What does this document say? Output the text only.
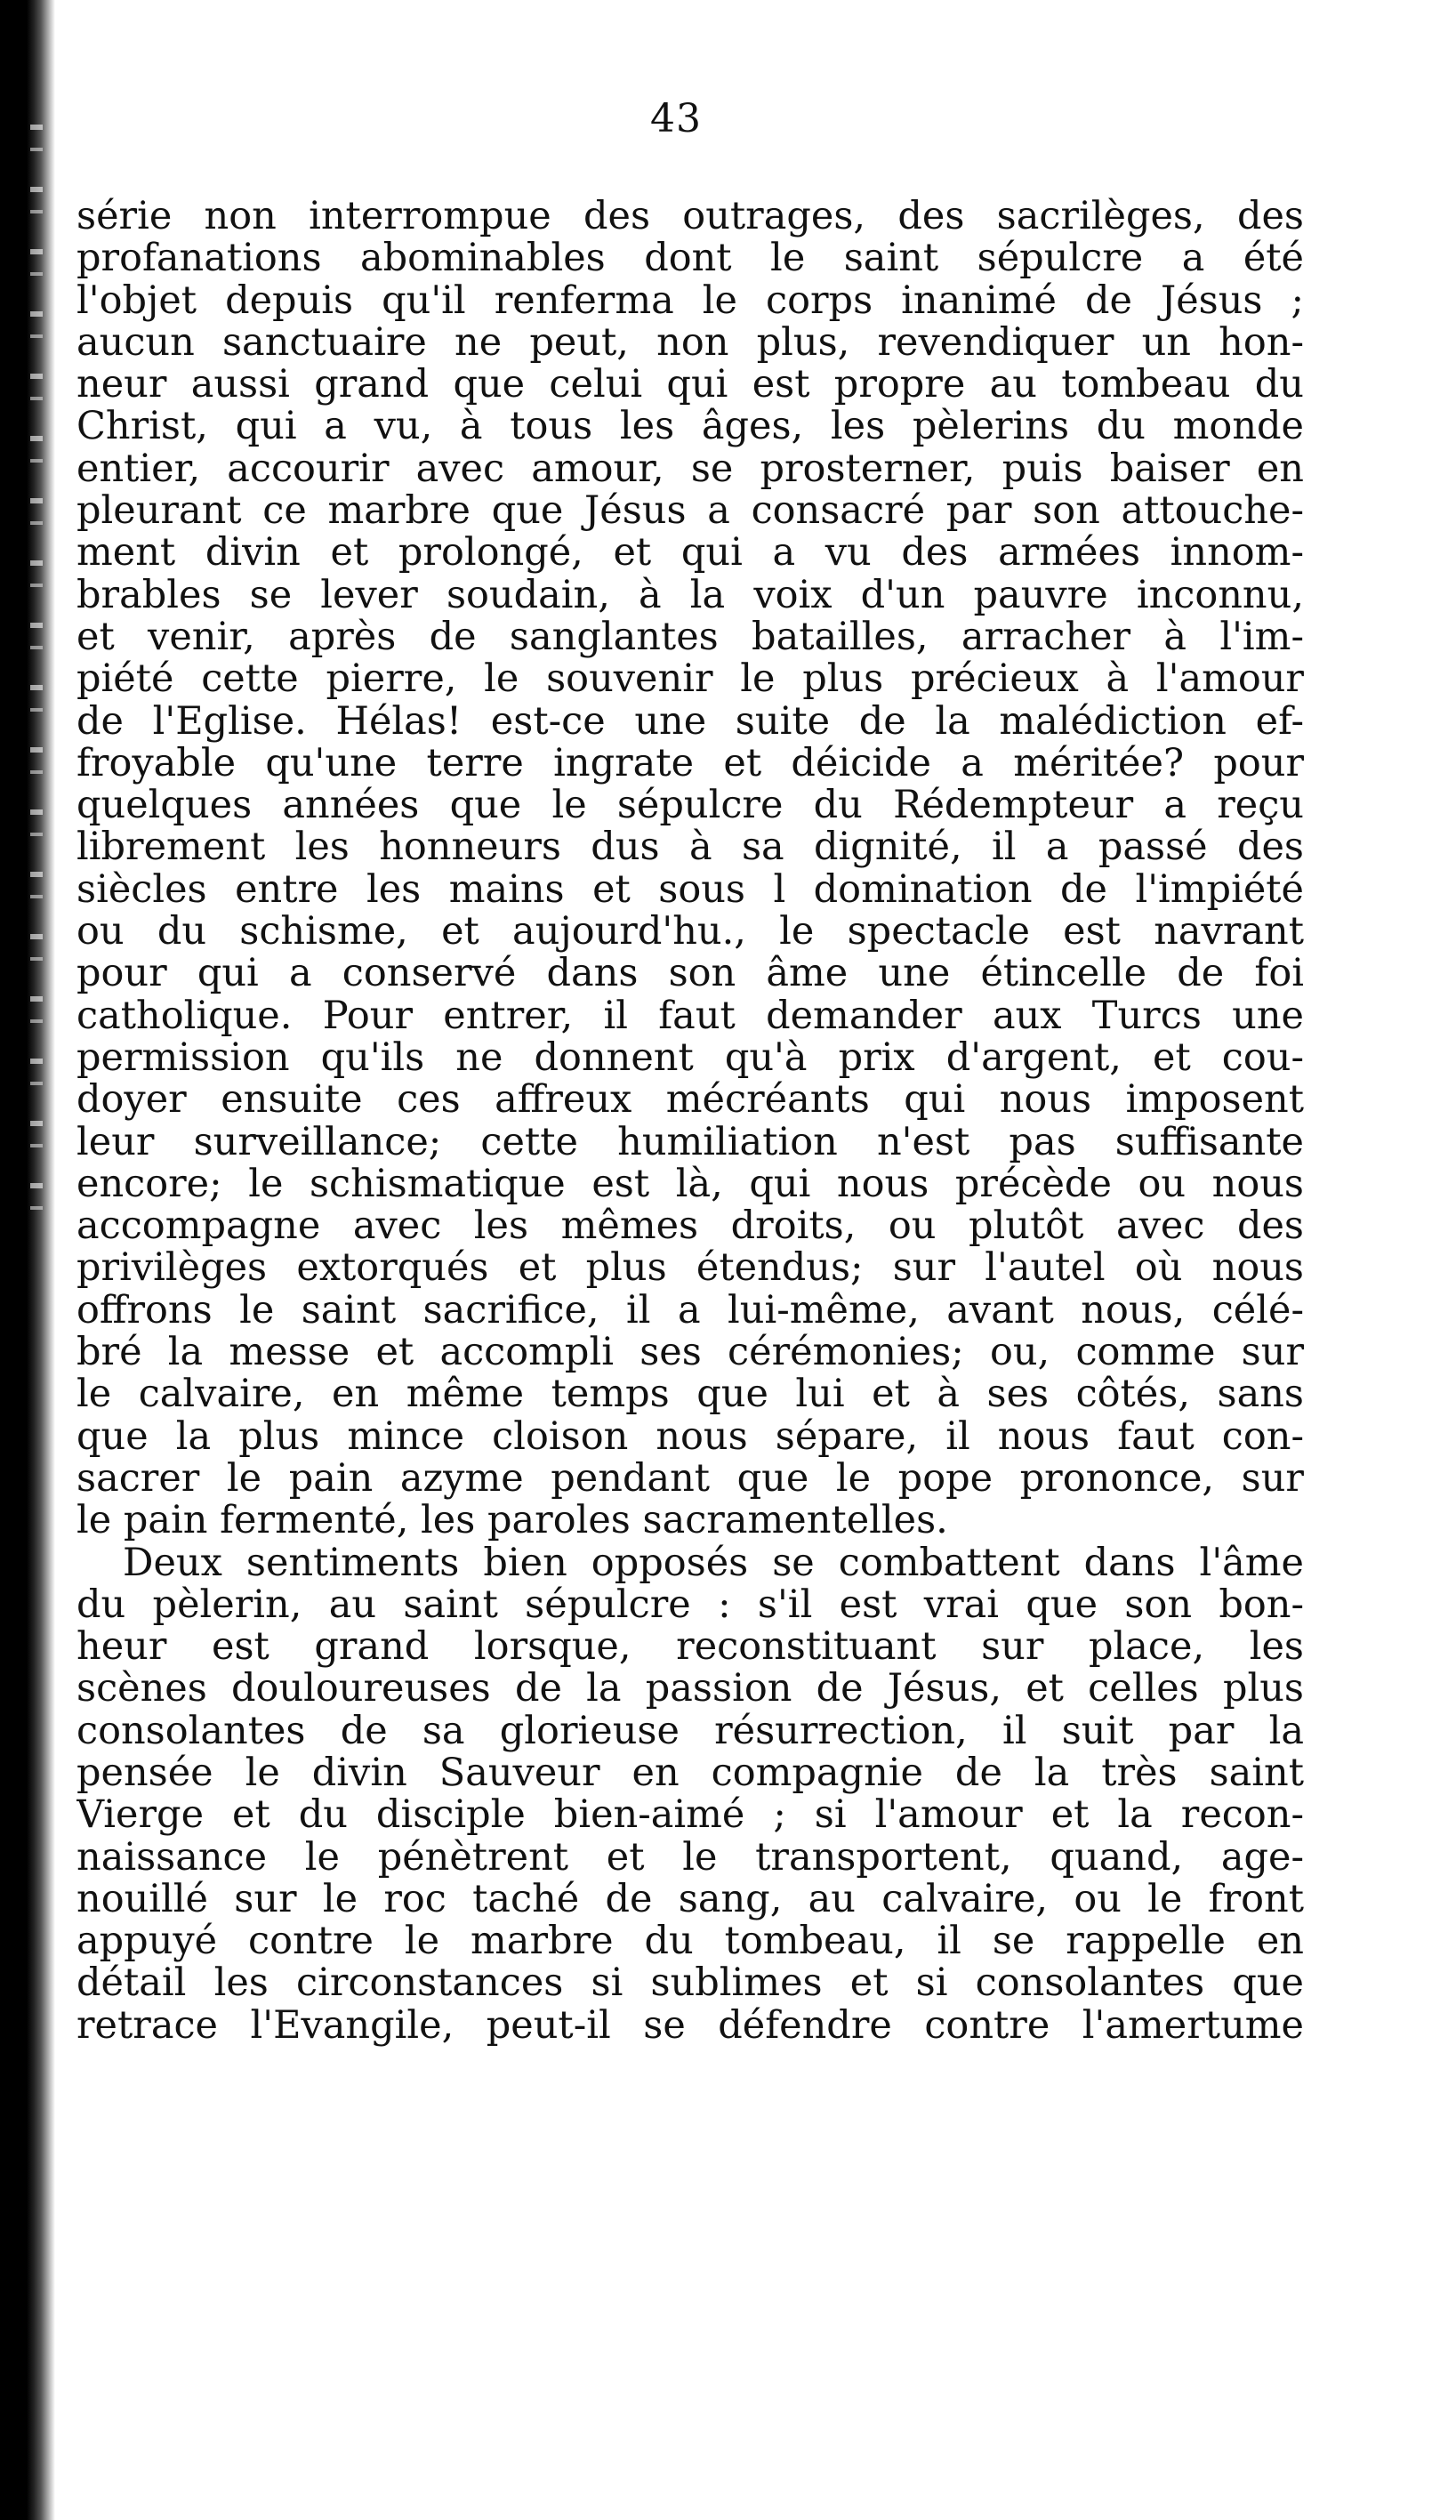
43
série non interrompue des outrages, des sacrilèges, des
profanations abominables dont le saint sépulcre a été
l'objet depuis qu'il renferma le corps inanimé de Jésus ;
aucun sanctuaire ne peut, non plus, revendiquer un hon-
neur aussi grand que celui qui est propre au tombeau du
Christ, qui a vu, à tous les âges, les pèlerins du monde
entier, accourir avec amour, se prosterner, puis baiser en
pleurant ce marbre que Jésus a consacré par son attouche-
ment divin et prolongé, et qui a vu des armées innom-
brables se lever soudain, à la voix d'un pauvre inconnu,
et venir, après de sanglantes batailles, arracher à l'im-
piété cette pierre, le souvenir le plus précieux à l'amour
de l'Eglise. Hélas! est-ce une suite de la malédiction ef-
froyable qu'une terre ingrate et déicide a méritée? pour
quelques années que le sépulcre du Rédempteur a reçu
librement les honneurs dus à sa dignité, il a passé des
siècles entre les mains et sous l domination de l'impiété
ou du schisme, et aujourd'hu., le spectacle est navrant
pour qui a conservé dans son âme une étincelle de foi
catholique. Pour entrer, il faut demander aux Turcs une
permission qu'ils ne donnent qu'à prix d'argent, et cou-
doyer ensuite ces affreux mécréants qui nous imposent
leur surveillance; cette humiliation n'est pas suffisante
encore; le schismatique est là, qui nous précède ou nous
accompagne avec les mêmes droits, ou plutôt avec des
privilèges extorqués et plus étendus; sur l'autel où nous
offrons le saint sacrifice, il a lui-même, avant nous, célé-
bré la messe et accompli ses cérémonies; ou, comme sur
le calvaire, en même temps que lui et à ses côtés, sans
que la plus mince cloison nous sépare, il nous faut con-
sacrer le pain azyme pendant que le pope prononce, sur
le pain fermenté, les paroles sacramentelles.
Deux sentiments bien opposés se combattent dans l'âme
du pèlerin, au saint sépulcre : s'il est vrai que son bon-
heur est grand lorsque, reconstituant sur place, les
scènes douloureuses de la passion de Jésus, et celles plus
consolantes de sa glorieuse résurrection, il suit par la
pensée le divin Sauveur en compagnie de la très saint
Vierge et du disciple bien-aimé ; si l'amour et la recon-
naissance le pénètrent et le transportent, quand, age-
nouillé sur le roc taché de sang, au calvaire, ou le front
appuyé contre le marbre du tombeau, il se rappelle en
détail les circonstances si sublimes et si consolantes que
retrace l'Evangile, peut-il se défendre contre l'amertume
